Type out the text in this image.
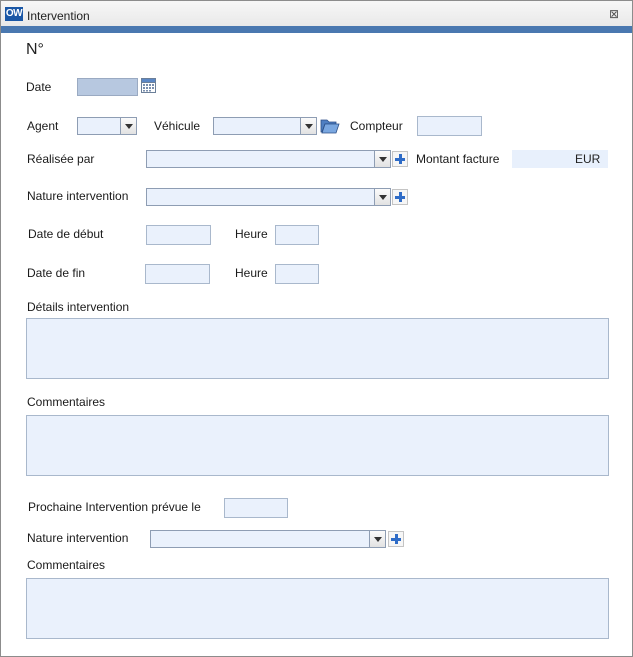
OW Intervention	⊠
N°
Date
Agent	Véhicule	Compteur
Réalisée par	Montant facture	EUR
Nature intervention
Date de début	Heure
Date de fin	Heure
Détails intervention
Commentaires
Prochaine Intervention prévue le
Nature intervention
Commentaires
